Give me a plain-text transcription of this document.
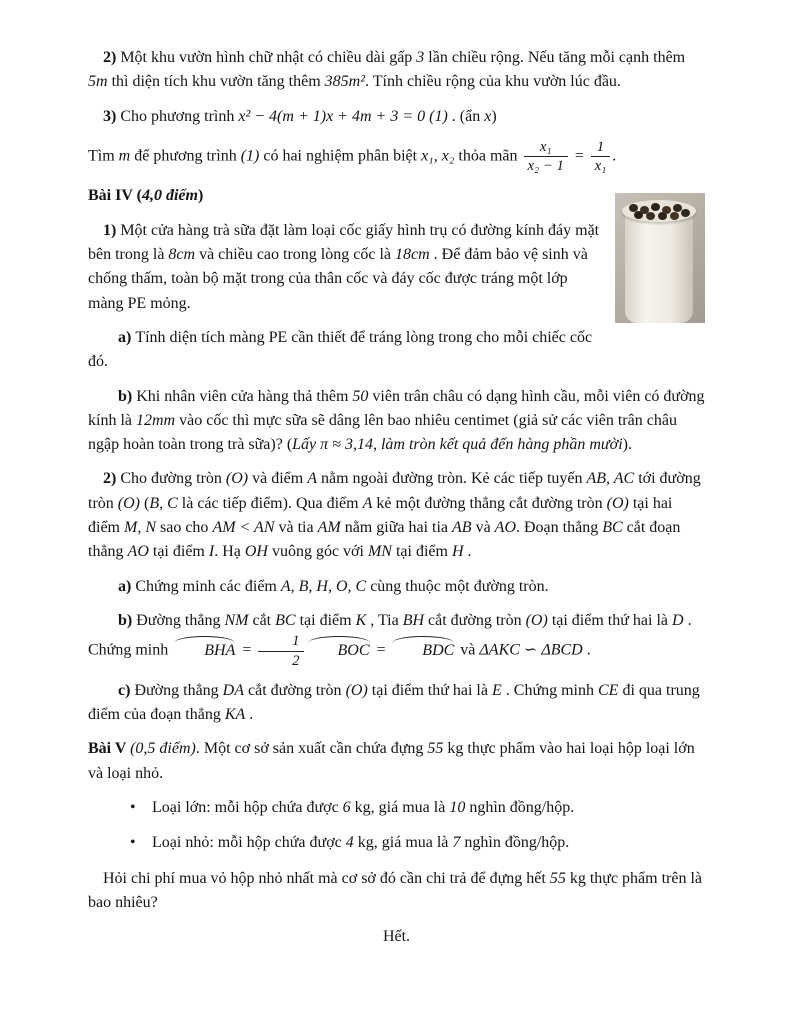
2) Một khu vườn hình chữ nhật có chiều dài gấp 3 lần chiều rộng. Nếu tăng mỗi cạnh thêm 5m thì diện tích khu vườn tăng thêm 385m². Tính chiều rộng của khu vườn lúc đầu.

3) Cho phương trình x² − 4(m + 1)x + 4m + 3 = 0 (1) . (ẩn x)

Tìm m để phương trình (1) có hai nghiệm phân biệt x₁, x₂ thỏa mãn $\frac{\text{x₁}}{\text{x₂ − 1}} = \frac{1}{\text{x₁}}$ .

Bài IV (4,0 điểm)

1) Một cửa hàng trà sữa đặt làm loại cốc giấy hình trụ có đường kính đáy mặt bên trong là 8cm và chiều cao trong lòng cốc là 18cm . Để đảm bảo vệ sinh và chống thấm, toàn bộ mặt trong của thân cốc và đáy cốc được tráng một lớp màng PE mỏng.

a) Tính diện tích màng PE cần thiết để tráng lòng trong cho mỗi chiếc cốc đó.

b) Khi nhân viên cửa hàng thả thêm 50 viên trân châu có dạng hình cầu, mỗi viên có đường kính là 12mm vào cốc thì mực sữa sẽ dâng lên bao nhiêu centimet (giả sử các viên trân châu ngập hoàn toàn trong trà sữa)? (Lấy π ≈ 3,14, làm tròn kết quả đến hàng phần mười).

2) Cho đường tròn (O) và điểm A nằm ngoài đường tròn. Kẻ các tiếp tuyến AB, AC tới đường tròn (O) (B, C là các tiếp điểm). Qua điểm A kẻ một đường thẳng cắt đường tròn (O) tại hai điểm M, N sao cho AM < AN và tia AM nằm giữa hai tia AB và AO. Đoạn thẳng BC cắt đoạn thẳng AO tại điểm I. Hạ OH vuông góc với MN tại điểm H .

a) Chứng minh các điểm A, B, H, O, C cùng thuộc một đường tròn.

b) Đường thẳng NM cắt BC tại điểm K , Tia BH cắt đường tròn (O) tại điểm thứ hai là D . Chứng minh BHA = $\frac{1}{2}$ BOC = BDC và ΔAKC ∽ ΔBCD .

c) Đường thẳng DA cắt đường tròn (O) tại điểm thứ hai là E . Chứng minh CE đi qua trung điểm của đoạn thẳng KA .

Bài V (0,5 điểm). Một cơ sở sản xuất cần chứa đựng 55 kg thực phẩm vào hai loại hộp loại lớn và loại nhỏ.

• Loại lớn: mỗi hộp chứa được 6 kg, giá mua là 10 nghìn đồng/hộp.

• Loại nhỏ: mỗi hộp chứa được 4 kg, giá mua là 7 nghìn đồng/hộp.

Hỏi chi phí mua vỏ hộp nhỏ nhất mà cơ sở đó cần chi trả để đựng hết 55 kg thực phẩm trên là bao nhiêu?

Hết.
